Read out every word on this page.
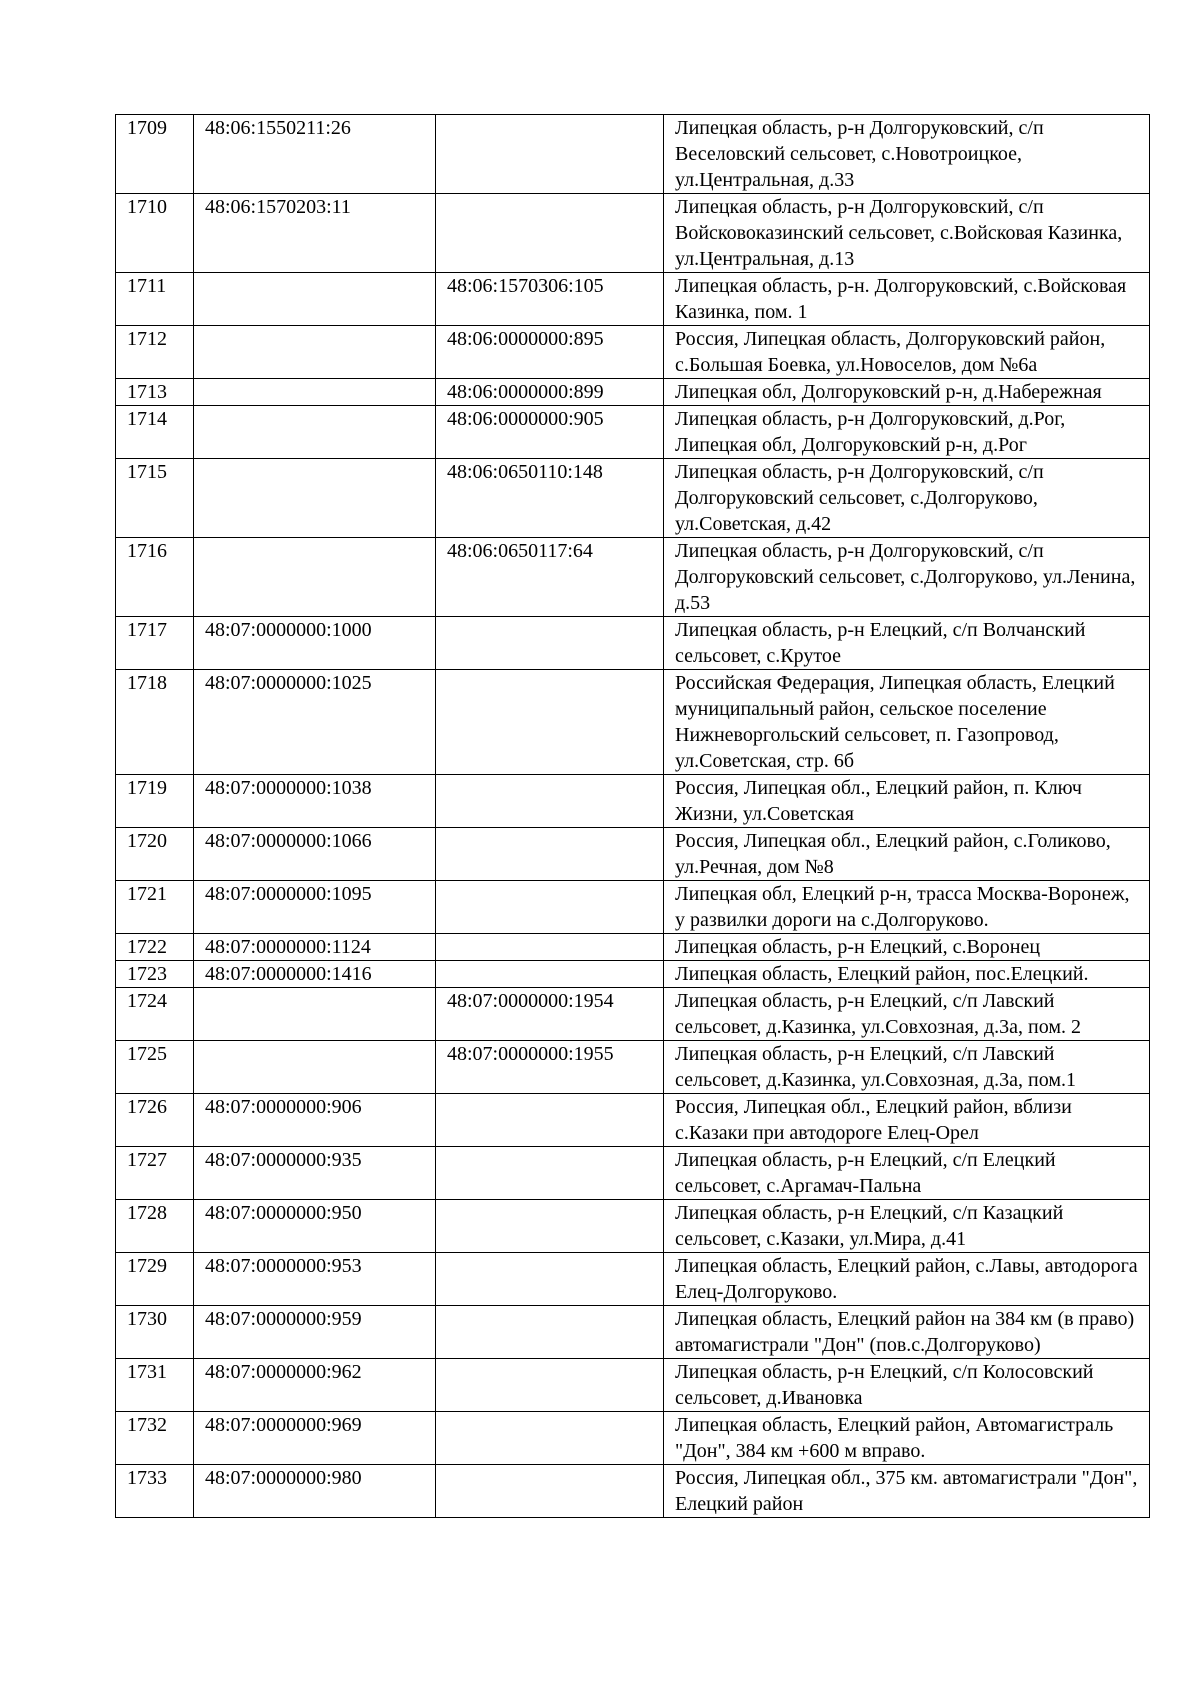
1709	48:06:1550211:26		Липецкая область, р-н Долгоруковский, с/п Веселовский сельсовет, с.Новотроицкое, ул.Центральная, д.33
1710	48:06:1570203:11		Липецкая область, р-н Долгоруковский, с/п Войсковоказинский сельсовет, с.Войсковая Казинка, ул.Центральная, д.13
1711		48:06:1570306:105	Липецкая область, р-н. Долгоруковский, с.Войсковая Казинка, пом. 1
1712		48:06:0000000:895	Россия, Липецкая область, Долгоруковский район, с.Большая Боевка, ул.Новоселов, дом №6а
1713		48:06:0000000:899	Липецкая обл, Долгоруковский р-н, д.Набережная
1714		48:06:0000000:905	Липецкая область, р-н Долгоруковский, д.Рог, Липецкая обл, Долгоруковский р-н, д.Рог
1715		48:06:0650110:148	Липецкая область, р-н Долгоруковский, с/п Долгоруковский сельсовет, с.Долгоруково, ул.Советская, д.42
1716		48:06:0650117:64	Липецкая область, р-н Долгоруковский, с/п Долгоруковский сельсовет, с.Долгоруково, ул.Ленина, д.53
1717	48:07:0000000:1000		Липецкая область, р-н Елецкий, с/п Волчанский сельсовет, с.Крутое
1718	48:07:0000000:1025		Российская Федерация, Липецкая область, Елецкий муниципальный район, сельское поселение Нижневоргольский сельсовет, п. Газопровод, ул.Советская, стр. 6б
1719	48:07:0000000:1038		Россия, Липецкая обл., Елецкий район, п. Ключ Жизни, ул.Советская
1720	48:07:0000000:1066		Россия, Липецкая обл., Елецкий район, с.Голиково, ул.Речная, дом №8
1721	48:07:0000000:1095		Липецкая обл, Елецкий р-н, трасса Москва-Воронеж, у развилки дороги на с.Долгоруково.
1722	48:07:0000000:1124		Липецкая область, р-н Елецкий, с.Воронец
1723	48:07:0000000:1416		Липецкая область, Елецкий район, пос.Елецкий.
1724		48:07:0000000:1954	Липецкая область, р-н Елецкий, с/п Лавский сельсовет, д.Казинка, ул.Совхозная, д.3а, пом. 2
1725		48:07:0000000:1955	Липецкая область, р-н Елецкий, с/п Лавский сельсовет, д.Казинка, ул.Совхозная, д.3а, пом.1
1726	48:07:0000000:906		Россия, Липецкая обл., Елецкий район, вблизи с.Казаки при автодороге Елец-Орел
1727	48:07:0000000:935		Липецкая область, р-н Елецкий, с/п Елецкий сельсовет, с.Аргамач-Пальна
1728	48:07:0000000:950		Липецкая область, р-н Елецкий, с/п Казацкий сельсовет, с.Казаки, ул.Мира, д.41
1729	48:07:0000000:953		Липецкая область, Елецкий район, с.Лавы, автодорога Елец-Долгоруково.
1730	48:07:0000000:959		Липецкая область, Елецкий район на 384 км (в право) автомагистрали "Дон" (пов.с.Долгоруково)
1731	48:07:0000000:962		Липецкая область, р-н Елецкий, с/п Колосовский сельсовет, д.Ивановка
1732	48:07:0000000:969		Липецкая область, Елецкий район, Автомагистраль "Дон", 384 км +600 м вправо.
1733	48:07:0000000:980		Россия, Липецкая обл., 375 км. автомагистрали "Дон", Елецкий район
